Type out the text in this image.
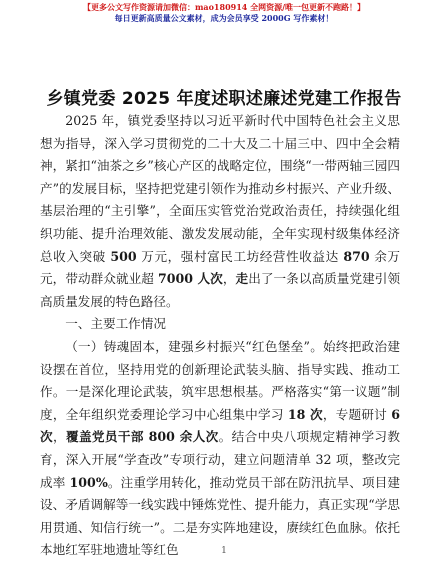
【更多公文写作资源请加微信：mao180914 全网资源/唯一包更新不跑路！】
每日更新高质量公文素材，成为会员享受 2000G 写作素材！
乡镇党委 2025 年度述职述廉述党建工作报告

2025 年，镇党委坚持以习近平新时代中国特色社会主义思想为指导，深入学习贯彻党的二十大及二十届三中、四中全会精神，紧扣“油茶之乡”核心产区的战略定位，围绕“一带两轴三园四产”的发展目标，坚持把党建引领作为推动乡村振兴、产业升级、基层治理的“主引擎”，全面压实管党治党政治责任，持续强化组织功能、提升治理效能、激发发展动能，全年实现村级集体经济总收入突破 500 万元，强村富民工坊经营性收益达 870 余万元，带动群众就业超 7000 人次，走出了一条以高质量党建引领高质量发展的特色路径。

一、主要工作情况

（一）铸魂固本，建强乡村振兴“红色堡垒”。始终把政治建设摆在首位，坚持用党的创新理论武装头脑、指导实践、推动工作。一是深化理论武装，筑牢思想根基。严格落实“第一议题”制度，全年组织党委理论学习中心组集中学习 18 次，专题研讨 6 次，覆盖党员干部 800 余人次。结合中央八项规定精神学习教育，深入开展“学查改”专项行动，建立问题清单 32 项，整改完成率 100%。注重学用转化，推动党员干部在防汛抗旱、项目建设、矛盾调解等一线实践中锤炼党性、提升能力，真正实现“学思用贯通、知信行统一”。二是夯实阵地建设，赓续红色血脉。依托本地红军驻地遗址等红色	1
